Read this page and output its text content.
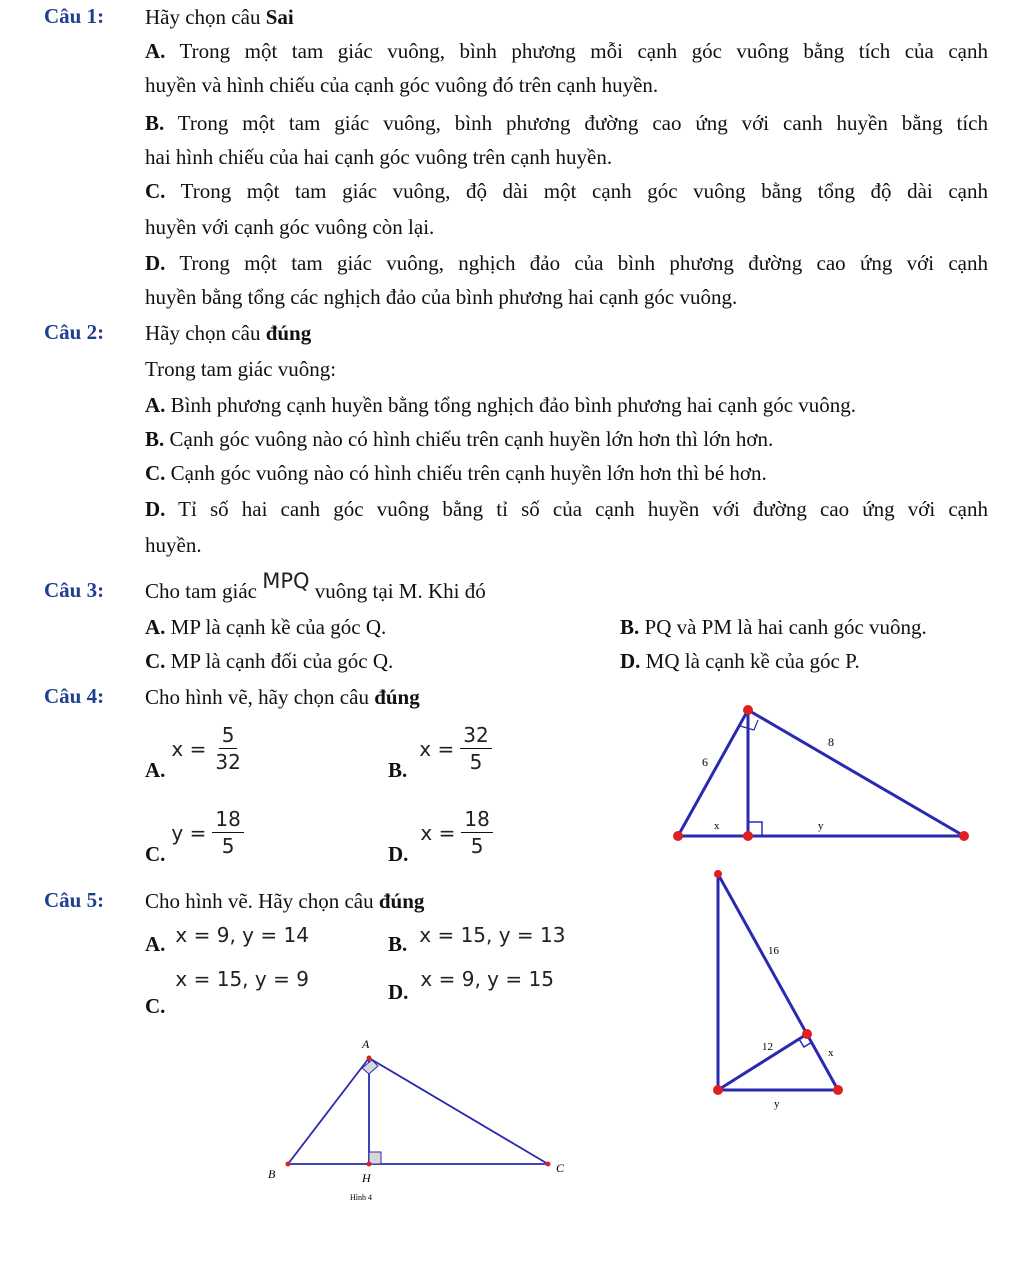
Câu 1: Hãy chọn câu Sai
A. Trong một tam giác vuông, bình phương mỗi cạnh góc vuông bằng tích của cạnh
huyền và hình chiếu của cạnh góc vuông đó trên cạnh huyền.
B. Trong một tam giác vuông, bình phương đường cao ứng với canh huyền bằng tích
hai hình chiếu của hai cạnh góc vuông trên cạnh huyền.
C. Trong một tam giác vuông, độ dài một cạnh góc vuông bằng tổng độ dài cạnh
huyền với cạnh góc vuông còn lại.
D. Trong một tam giác vuông, nghịch đảo của bình phương đường cao ứng với cạnh
huyền bằng tổng các nghịch đảo của bình phương hai cạnh góc vuông.
Câu 2: Hãy chọn câu đúng
Trong tam giác vuông:
A. Bình phương cạnh huyền bằng tổng nghịch đảo bình phương hai cạnh góc vuông.
B. Cạnh góc vuông nào có hình chiếu trên cạnh huyền lớn hơn thì lớn hơn.
C. Cạnh góc vuông nào có hình chiếu trên cạnh huyền lớn hơn thì bé hơn.
D. Tỉ số hai canh góc vuông bằng tỉ số của cạnh huyền với đường cao ứng với cạnh
huyền.
Câu 3: Cho tam giác MPQ vuông tại M. Khi đó
A. MP là cạnh kề của góc Q.	B. PQ và PM là hai canh góc vuông.
C. MP là cạnh đối của góc Q.	D. MQ là cạnh kề của góc P.
Câu 4: Cho hình vẽ, hãy chọn câu đúng
A.
$x = \frac{5}{32}$	B.
$x = \frac{32}{5}$
C.
$y = \frac{18}{5}$	D.
$x = \frac{18}{5}$
6
8
x	y
Câu 5: Cho hình vẽ. Hãy chọn câu đúng
A. x = 9, y = 14	B. x = 15, y = 13
C.
x = 15, y = 9
D.
x = 9, y = 15
16
12	x
y
A
B	C
H
Hình 4
